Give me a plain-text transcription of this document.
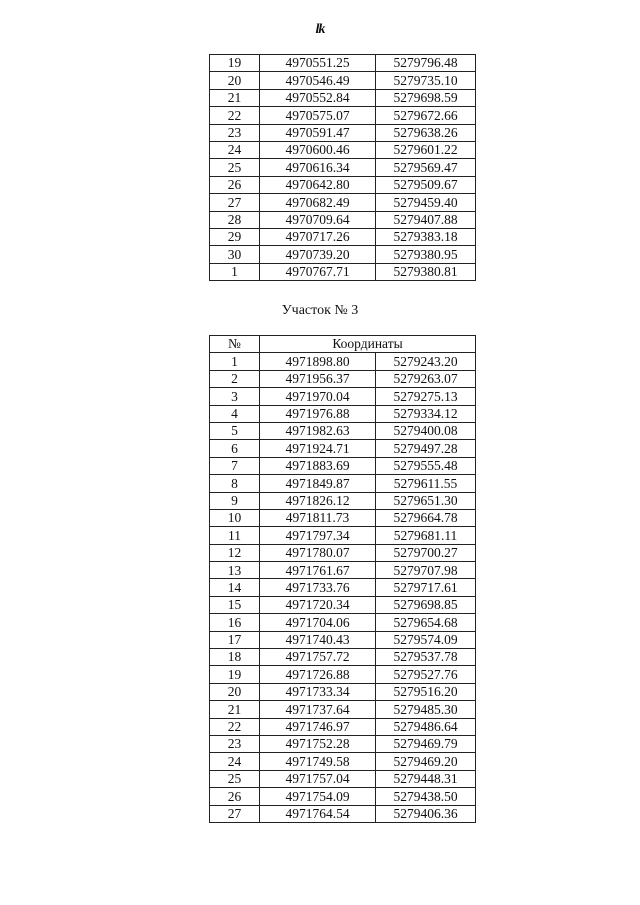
lk
19	4970551.25	5279796.48
20	4970546.49	5279735.10
21	4970552.84	5279698.59
22	4970575.07	5279672.66
23	4970591.47	5279638.26
24	4970600.46	5279601.22
25	4970616.34	5279569.47
26	4970642.80	5279509.67
27	4970682.49	5279459.40
28	4970709.64	5279407.88
29	4970717.26	5279383.18
30	4970739.20	5279380.95
1	4970767.71	5279380.81
Участок № 3
№	Координаты	
1	4971898.80	5279243.20
2	4971956.37	5279263.07
3	4971970.04	5279275.13
4	4971976.88	5279334.12
5	4971982.63	5279400.08
6	4971924.71	5279497.28
7	4971883.69	5279555.48
8	4971849.87	5279611.55
9	4971826.12	5279651.30
10	4971811.73	5279664.78
11	4971797.34	5279681.11
12	4971780.07	5279700.27
13	4971761.67	5279707.98
14	4971733.76	5279717.61
15	4971720.34	5279698.85
16	4971704.06	5279654.68
17	4971740.43	5279574.09
18	4971757.72	5279537.78
19	4971726.88	5279527.76
20	4971733.34	5279516.20
21	4971737.64	5279485.30
22	4971746.97	5279486.64
23	4971752.28	5279469.79
24	4971749.58	5279469.20
25	4971757.04	5279448.31
26	4971754.09	5279438.50
27	4971764.54	5279406.36
